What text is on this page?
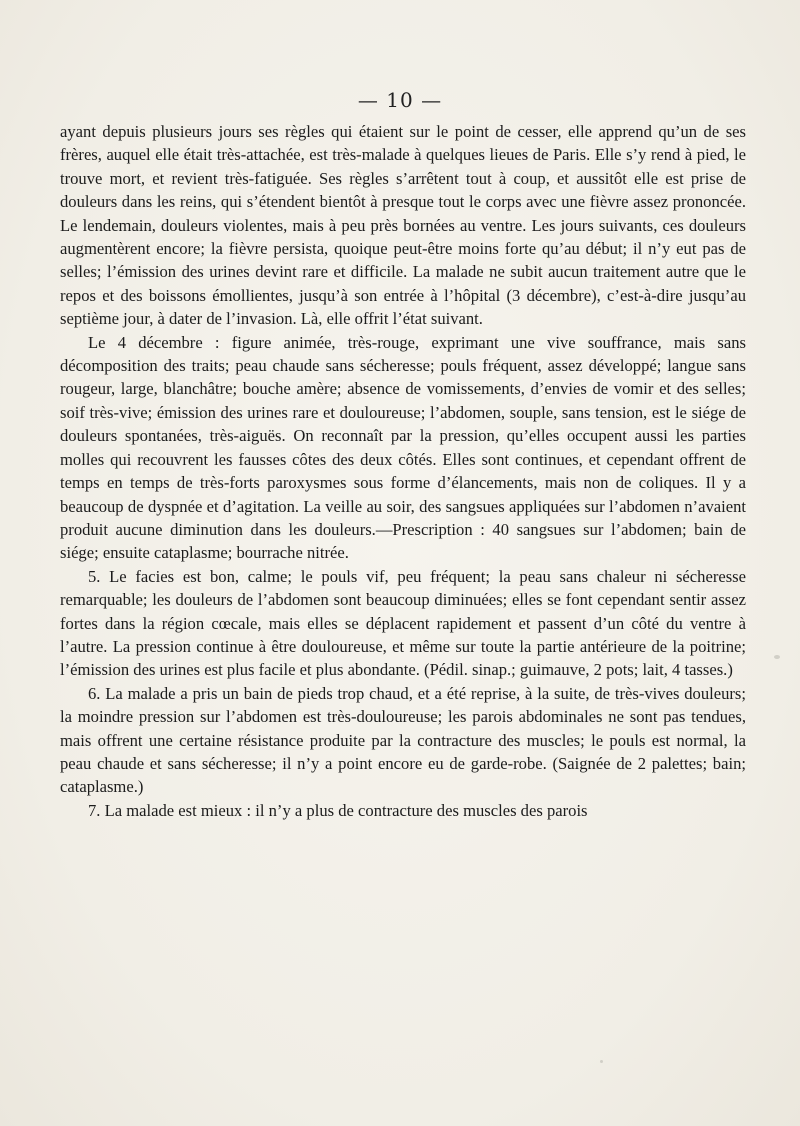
— 10 —

ayant depuis plusieurs jours ses règles qui étaient sur le point de cesser, elle apprend qu’un de ses frères, auquel elle était très-attachée, est très-malade à quelques lieues de Paris. Elle s’y rend à pied, le trouve mort, et revient très-fatiguée. Ses règles s’arrêtent tout à coup, et aussitôt elle est prise de douleurs dans les reins, qui s’étendent bientôt à presque tout le corps avec une fièvre assez prononcée. Le lendemain, douleurs violentes, mais à peu près bornées au ventre. Les jours suivants, ces douleurs augmentèrent encore; la fièvre persista, quoique peut-être moins forte qu’au début; il n’y eut pas de selles; l’émission des urines devint rare et difficile. La malade ne subit aucun traitement autre que le repos et des boissons émollientes, jusqu’à son entrée à l’hôpital (3 décembre), c’est-à-dire jusqu’au septième jour, à dater de l’invasion. Là, elle offrit l’état suivant.

Le 4 décembre : figure animée, très-rouge, exprimant une vive souffrance, mais sans décomposition des traits; peau chaude sans sécheresse; pouls fréquent, assez développé; langue sans rougeur, large, blanchâtre; bouche amère; absence de vomissements, d’envies de vomir et des selles; soif très-vive; émission des urines rare et douloureuse; l’abdomen, souple, sans tension, est le siége de douleurs spontanées, très-aiguës. On reconnaît par la pression, qu’elles occupent aussi les parties molles qui recouvrent les fausses côtes des deux côtés. Elles sont continues, et cependant offrent de temps en temps de très-forts paroxysmes sous forme d’élancements, mais non de coliques. Il y a beaucoup de dyspnée et d’agitation. La veille au soir, des sangsues appliquées sur l’abdomen n’avaient produit aucune diminution dans les douleurs.—Prescription : 40 sangsues sur l’abdomen; bain de siége; ensuite cataplasme; bourrache nitrée.

5. Le facies est bon, calme; le pouls vif, peu fréquent; la peau sans chaleur ni sécheresse remarquable; les douleurs de l’abdomen sont beaucoup diminuées; elles se font cependant sentir assez fortes dans la région cœcale, mais elles se déplacent rapidement et passent d’un côté du ventre à l’autre. La pression continue à être douloureuse, et même sur toute la partie antérieure de la poitrine; l’émission des urines est plus facile et plus abondante. (Pédil. sinap.; guimauve, 2 pots; lait, 4 tasses.)

6. La malade a pris un bain de pieds trop chaud, et a été reprise, à la suite, de très-vives douleurs; la moindre pression sur l’abdomen est très-douloureuse; les parois abdominales ne sont pas tendues, mais offrent une certaine résistance produite par la contracture des muscles; le pouls est normal, la peau chaude et sans sécheresse; il n’y a point encore eu de garde-robe. (Saignée de 2 palettes; bain; cataplasme.)

7. La malade est mieux : il n’y a plus de contracture des muscles des parois
